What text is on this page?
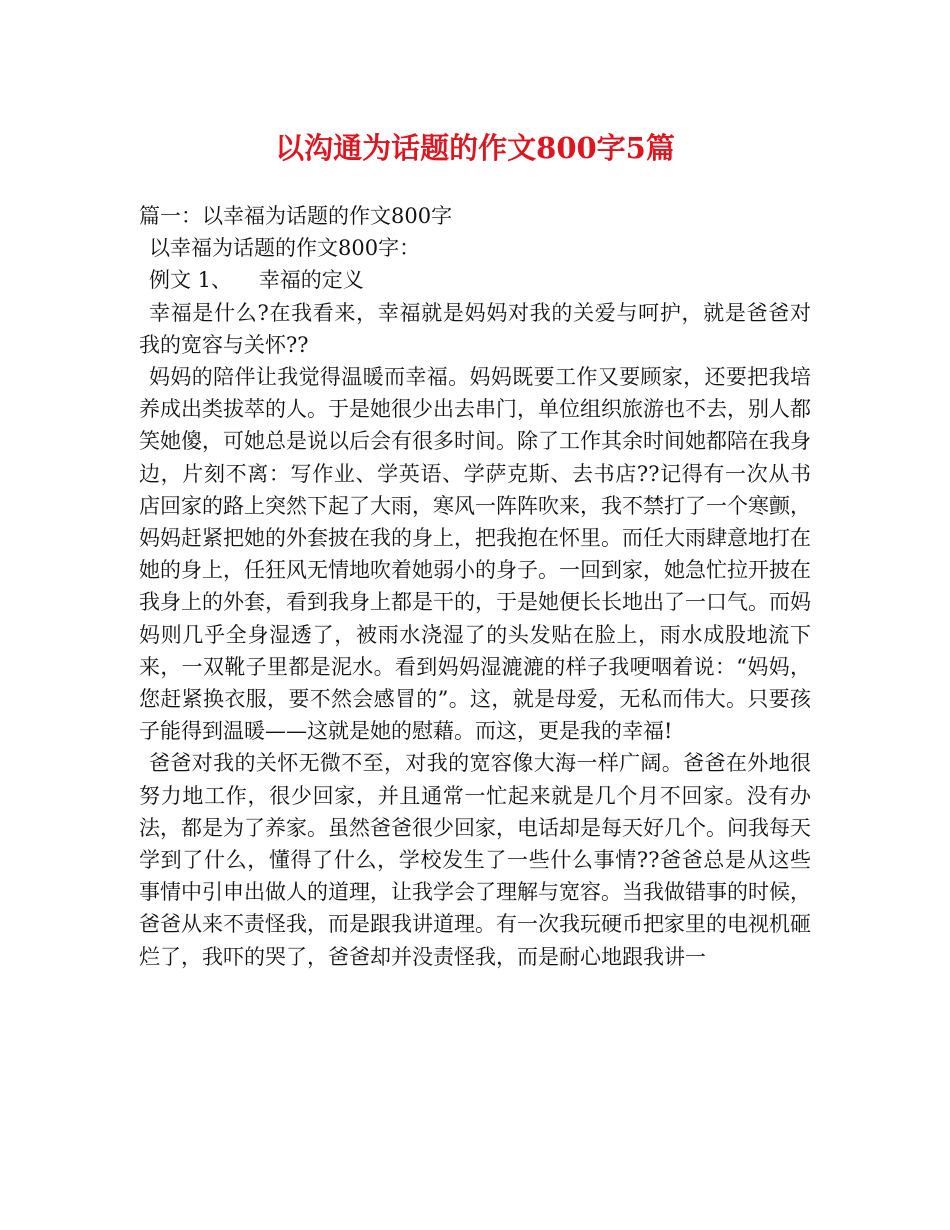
以沟通为话题的作文800字5篇

篇一：以幸福为话题的作文800字

以幸福为话题的作文800字：

例文 1、    幸福的定义

幸福是什么?在我看来，幸福就是妈妈对我的关爱与呵护，就是爸爸对我的宽容与关怀??

妈妈的陪伴让我觉得温暖而幸福。妈妈既要工作又要顾家，还要把我培养成出类拔萃的人。于是她很少出去串门，单位组织旅游也不去，别人都笑她傻，可她总是说以后会有很多时间。除了工作其余时间她都陪在我身边，片刻不离：写作业、学英语、学萨克斯、去书店??记得有一次从书店回家的路上突然下起了大雨，寒风一阵阵吹来，我不禁打了一个寒颤，妈妈赶紧把她的外套披在我的身上，把我抱在怀里。而任大雨肆意地打在她的身上，任狂风无情地吹着她弱小的身子。一回到家，她急忙拉开披在我身上的外套，看到我身上都是干的，于是她便长长地出了一口气。而妈妈则几乎全身湿透了，被雨水浇湿了的头发贴在脸上，雨水成股地流下来，一双靴子里都是泥水。看到妈妈湿漉漉的样子我哽咽着说：“妈妈，您赶紧换衣服，要不然会感冒的”。这，就是母爱，无私而伟大。只要孩子能得到温暖——这就是她的慰藉。而这，更是我的幸福!

爸爸对我的关怀无微不至，对我的宽容像大海一样广阔。爸爸在外地很努力地工作，很少回家，并且通常一忙起来就是几个月不回家。没有办法，都是为了养家。虽然爸爸很少回家，电话却是每天好几个。问我每天学到了什么，懂得了什么，学校发生了一些什么事情??爸爸总是从这些事情中引申出做人的道理，让我学会了理解与宽容。当我做错事的时候，爸爸从来不责怪我，而是跟我讲道理。有一次我玩硬币把家里的电视机砸烂了，我吓的哭了，爸爸却并没责怪我，而是耐心地跟我讲一
